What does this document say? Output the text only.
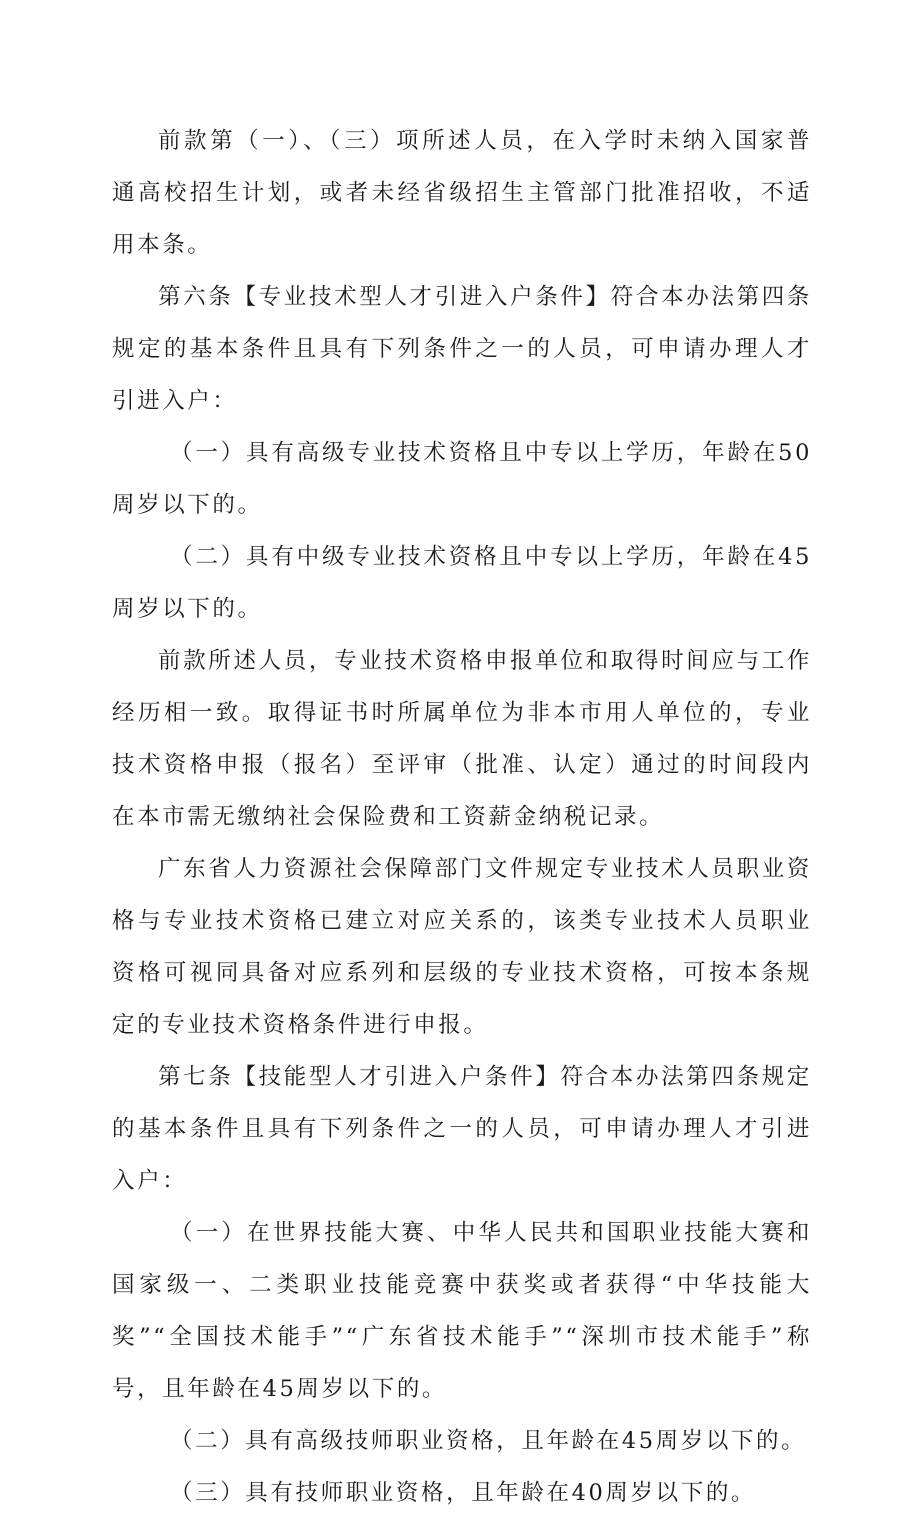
前款第（一）、（三）项所述人员，在入学时未纳入国家普通高校招生计划，或者未经省级招生主管部门批准招收，不适用本条。

第六条【专业技术型人才引进入户条件】符合本办法第四条规定的基本条件且具有下列条件之一的人员，可申请办理人才引进入户：

（一）具有高级专业技术资格且中专以上学历，年龄在50周岁以下的。

（二）具有中级专业技术资格且中专以上学历，年龄在45周岁以下的。

前款所述人员，专业技术资格申报单位和取得时间应与工作经历相一致。取得证书时所属单位为非本市用人单位的，专业技术资格申报（报名）至评审（批准、认定）通过的时间段内在本市需无缴纳社会保险费和工资薪金纳税记录。

广东省人力资源社会保障部门文件规定专业技术人员职业资格与专业技术资格已建立对应关系的，该类专业技术人员职业资格可视同具备对应系列和层级的专业技术资格，可按本条规定的专业技术资格条件进行申报。

第七条【技能型人才引进入户条件】符合本办法第四条规定的基本条件且具有下列条件之一的人员，可申请办理人才引进入户：

（一）在世界技能大赛、中华人民共和国职业技能大赛和国家级一、二类职业技能竞赛中获奖或者获得“中华技能大奖”“全国技术能手”“广东省技术能手”“深圳市技术能手”称号，且年龄在45周岁以下的。

（二）具有高级技师职业资格，且年龄在45周岁以下的。

（三）具有技师职业资格，且年龄在40周岁以下的。
